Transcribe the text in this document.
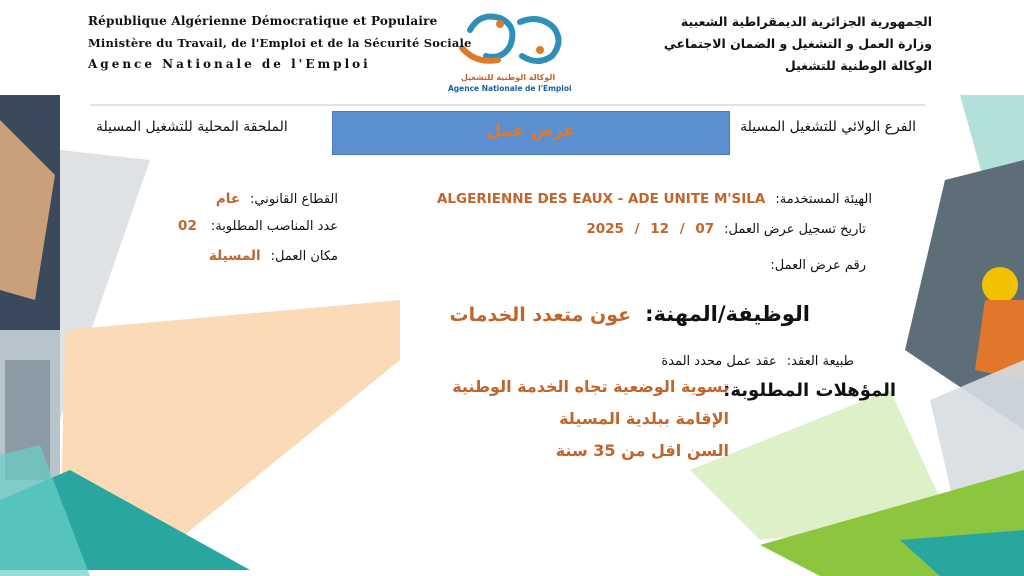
République Algérienne Démocratique et Populaire
Ministère du Travail, de l'Emploi et de la Sécurité Sociale
Agence Nationale de l'Emploi
الجمهورية الجزائرية الديمقراطية الشعبية
وزارة العمل و التشغيل و الضمان الاجتماعي
الوكالة الوطنية للتشغيل
الوكالة الوطنية للتشغيل
Agence Nationale de l'Emploi
الفرع الولائي للتشغيل المسيلة
عرض عمل
الملحقة المحلية للتشغيل المسيلة
الهيئة المستخدمة:
ALGERIENNE DES EAUX - ADE UNITE M'SILA
تاريخ تسجيل عرض العمل:
2025 / 12 / 07
رقم عرض العمل:
القطاع القانوني:
عام
عدد المناصب المطلوبة:
02
مكان العمل:
المسيلة
الوظيفة/المهنة:
عون متعدد الخدمات
طبيعة العقد:
عقد عمل محدد المدة
المؤهلات المطلوبة:
تسوية الوضعية تجاه الخدمة الوطنية
الإقامة ببلدية المسيلة
السن اقل من 35 سنة
